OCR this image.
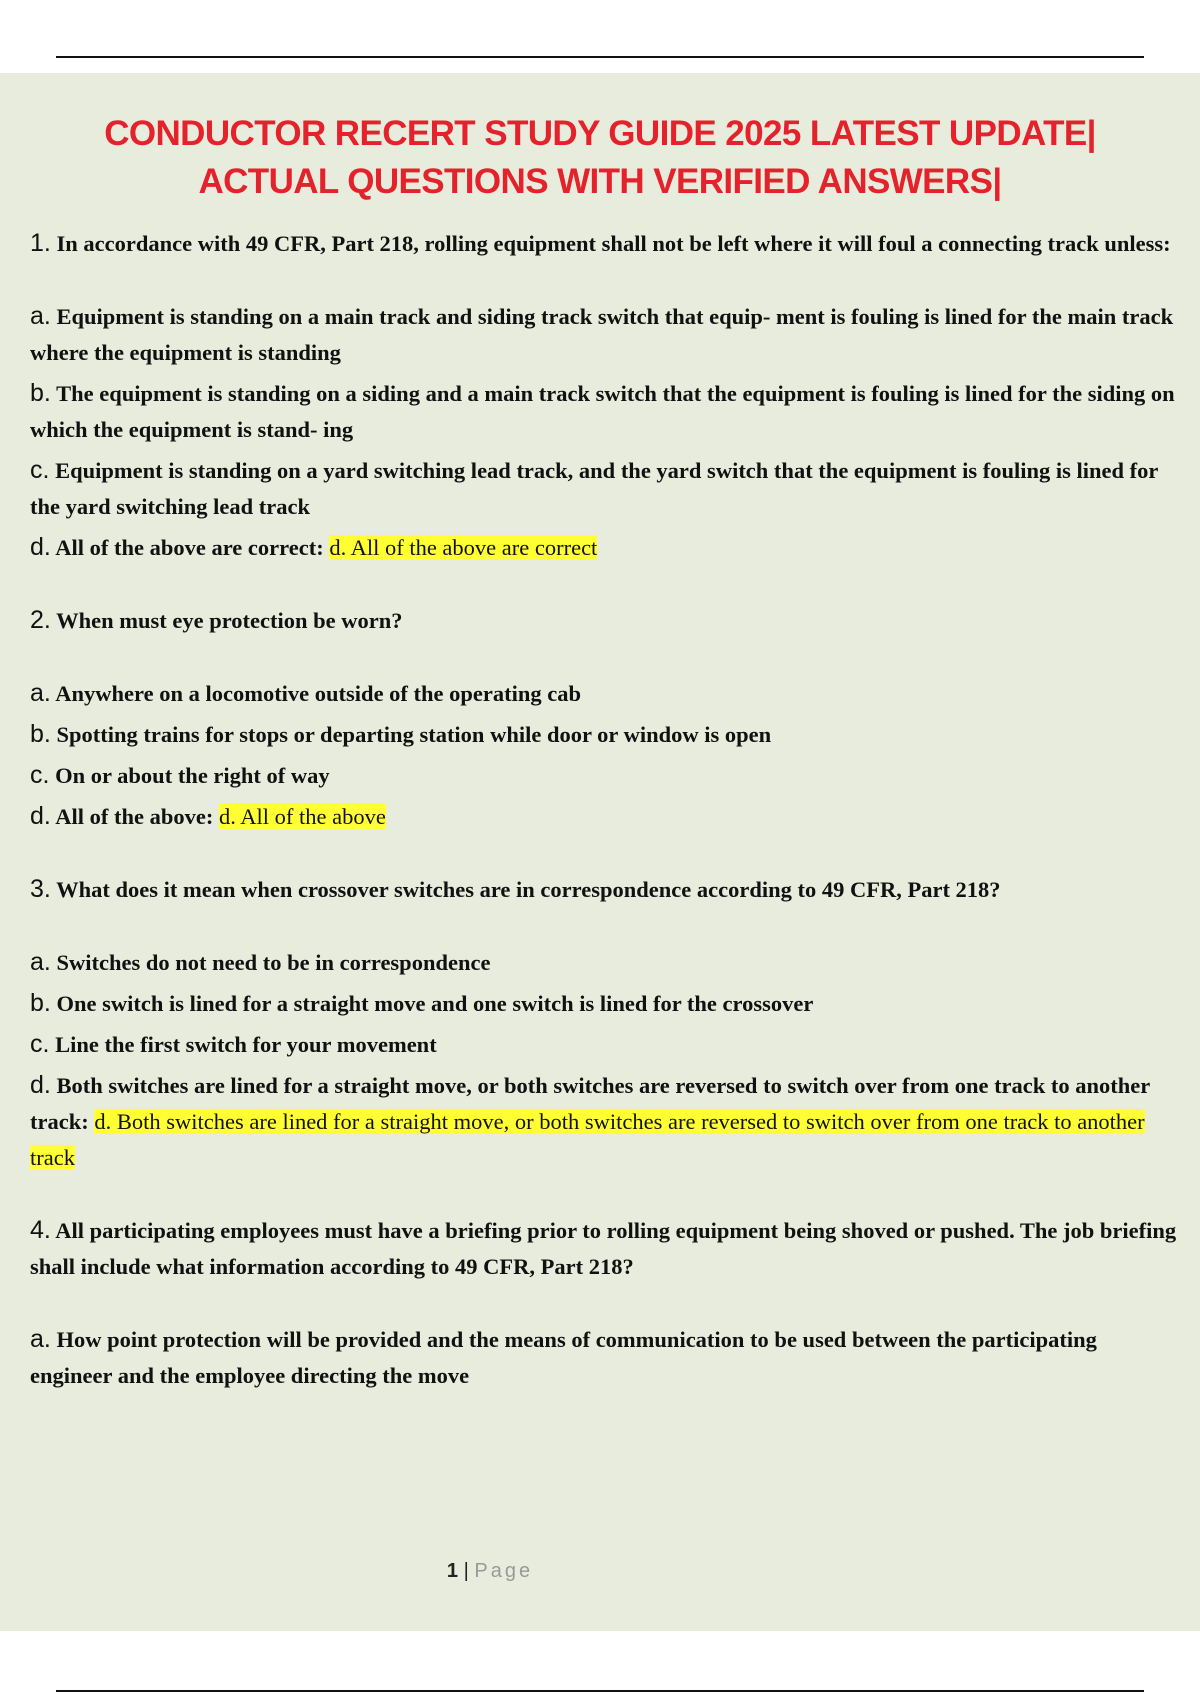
CONDUCTOR RECERT STUDY GUIDE 2025 LATEST UPDATE|
ACTUAL QUESTIONS WITH VERIFIED ANSWERS|
1. In accordance with 49 CFR, Part 218, rolling equipment shall not be left where it will foul a connecting track unless:
a. Equipment is standing on a main track and siding track switch that equip- ment is fouling is lined for the main track where the equipment is standing
b. The equipment is standing on a siding and a main track switch that the equipment is fouling is lined for the siding on which the equipment is stand- ing
c. Equipment is standing on a yard switching lead track, and the yard switch that the equipment is fouling is lined for the yard switching lead track
d. All of the above are correct: d. All of the above are correct
2. When must eye protection be worn?
a. Anywhere on a locomotive outside of the operating cab
b. Spotting trains for stops or departing station while door or window is open
c. On or about the right of way
d. All of the above: d. All of the above
3. What does it mean when crossover switches are in correspondence according to 49 CFR, Part 218?
a. Switches do not need to be in correspondence
b. One switch is lined for a straight move and one switch is lined for the crossover
c. Line the first switch for your movement
d. Both switches are lined for a straight move, or both switches are reversed to switch over from one track to another track: d. Both switches are lined for a straight move, or both switches are reversed to switch over from one track to another track
4. All participating employees must have a briefing prior to rolling equipment being shoved or pushed. The job briefing shall include what information according to 49 CFR, Part 218?
a. How point protection will be provided and the means of communication to be used between the participating engineer and the employee directing the move
1 | Page
